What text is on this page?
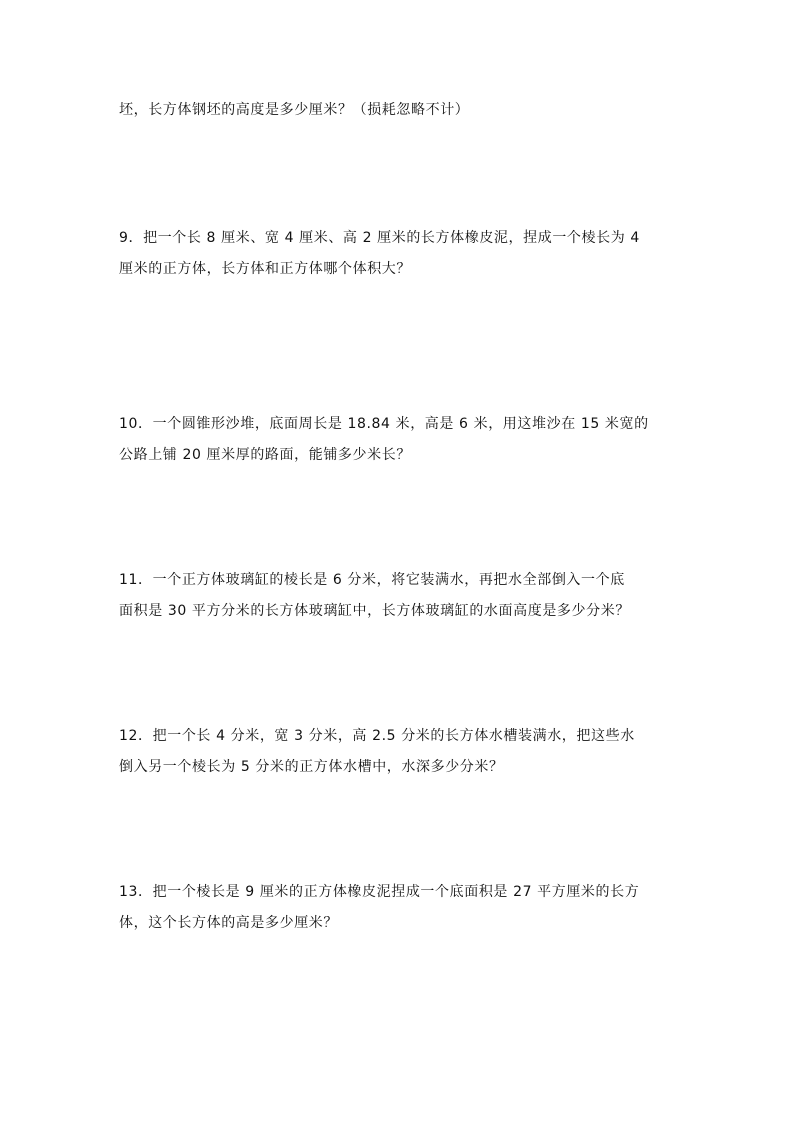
坯，长方体钢坯的高度是多少厘米？（损耗忽略不计）
9．把一个长 8 厘米、宽 4 厘米、高 2 厘米的长方体橡皮泥，捏成一个棱长为 4
厘米的正方体，长方体和正方体哪个体积大？
10．一个圆锥形沙堆，底面周长是 18.84 米，高是 6 米，用这堆沙在 15 米宽的
公路上铺 20 厘米厚的路面，能铺多少米长？
11．一个正方体玻璃缸的棱长是 6 分米，将它装满水，再把水全部倒入一个底
面积是 30 平方分米的长方体玻璃缸中，长方体玻璃缸的水面高度是多少分米？
12．把一个长 4 分米，宽 3 分米，高 2.5 分米的长方体水槽装满水，把这些水
倒入另一个棱长为 5 分米的正方体水槽中，水深多少分米？
13．把一个棱长是 9 厘米的正方体橡皮泥捏成一个底面积是 27 平方厘米的长方
体，这个长方体的高是多少厘米？
